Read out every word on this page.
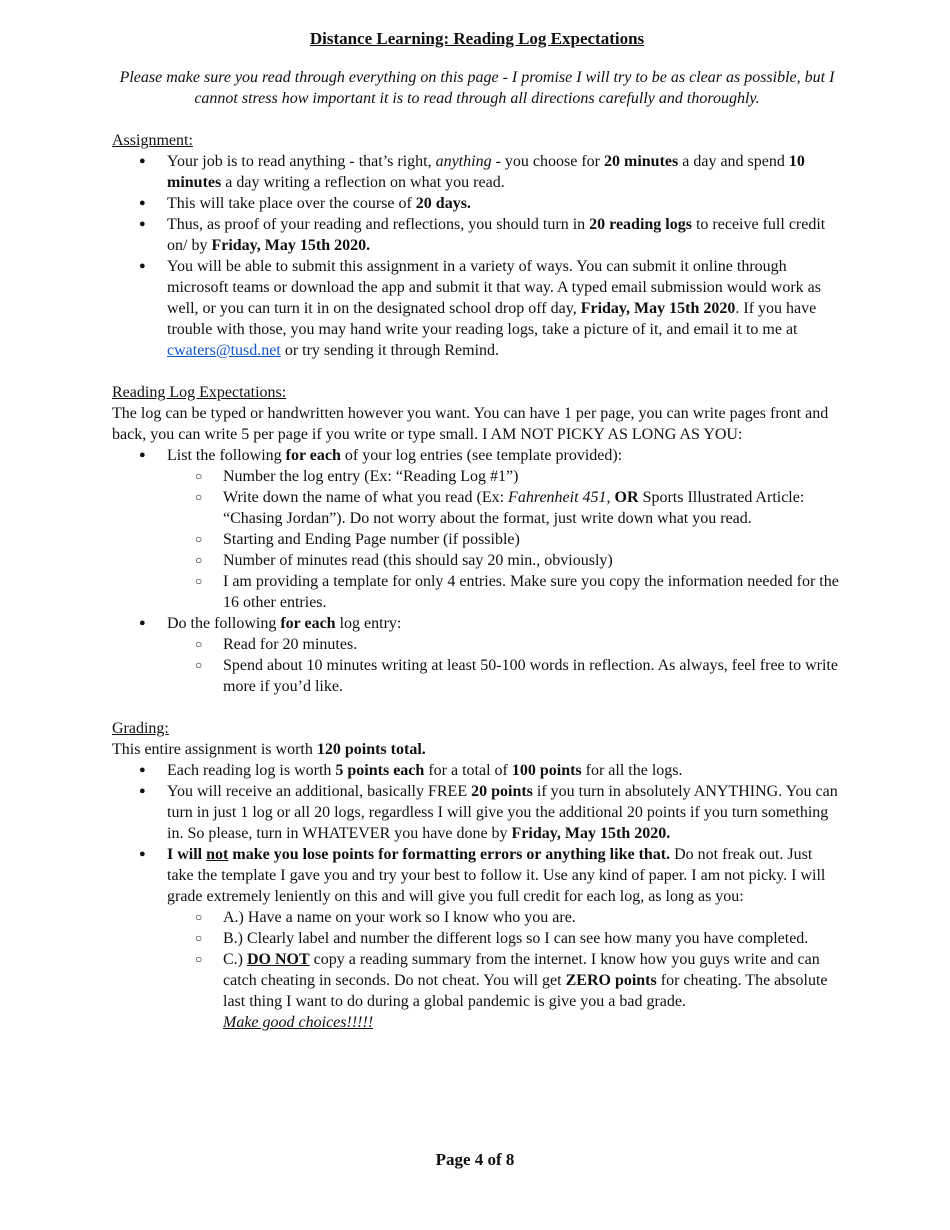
Distance Learning: Reading Log Expectations

Please make sure you read through everything on this page - I promise I will try to be as clear as possible, but I cannot stress how important it is to read through all directions carefully and thoroughly.

Assignment:
● Your job is to read anything - that’s right, anything - you choose for 20 minutes a day and spend 10 minutes a day writing a reflection on what you read.
● This will take place over the course of 20 days.
● Thus, as proof of your reading and reflections, you should turn in 20 reading logs to receive full credit on/ by Friday, May 15th 2020.
● You will be able to submit this assignment in a variety of ways. You can submit it online through microsoft teams or download the app and submit it that way. A typed email submission would work as well, or you can turn it in on the designated school drop off day, Friday, May 15th 2020. If you have trouble with those, you may hand write your reading logs, take a picture of it, and email it to me at cwaters@tusd.net or try sending it through Remind.
Reading Log Expectations:

The log can be typed or handwritten however you want. You can have 1 per page, you can write pages front and back, you can write 5 per page if you write or type small. I AM NOT PICKY AS LONG AS YOU:

● List the following for each of your log entries (see template provided):
○ Number the log entry (Ex: “Reading Log #1”)
○ Write down the name of what you read (Ex: Fahrenheit 451, OR Sports Illustrated Article: “Chasing Jordan”). Do not worry about the format, just write down what you read.
○ Starting and Ending Page number (if possible)
○ Number of minutes read (this should say 20 min., obviously)
○ I am providing a template for only 4 entries. Make sure you copy the information needed for the 16 other entries.
● Do the following for each log entry:
○ Read for 20 minutes.
○ Spend about 10 minutes writing at least 50-100 words in reflection. As always, feel free to write more if you’d like.
Grading:

This entire assignment is worth 120 points total.

● Each reading log is worth 5 points each for a total of 100 points for all the logs.
● You will receive an additional, basically FREE 20 points if you turn in absolutely ANYTHING. You can turn in just 1 log or all 20 logs, regardless I will give you the additional 20 points if you turn something in. So please, turn in WHATEVER you have done by Friday, May 15th 2020.
● I will not make you lose points for formatting errors or anything like that. Do not freak out. Just take the template I gave you and try your best to follow it. Use any kind of paper. I am not picky. I will grade extremely leniently on this and will give you full credit for each log, as long as you:
○ A.) Have a name on your work so I know who you are.
○ B.) Clearly label and number the different logs so I can see how many you have completed.
○ C.) DO NOT copy a reading summary from the internet. I know how you guys write and can catch cheating in seconds. Do not cheat. You will get ZERO points for cheating. The absolute last thing I want to do during a global pandemic is give you a bad grade.
Make good choices!!!!!
Page 4 of 8
